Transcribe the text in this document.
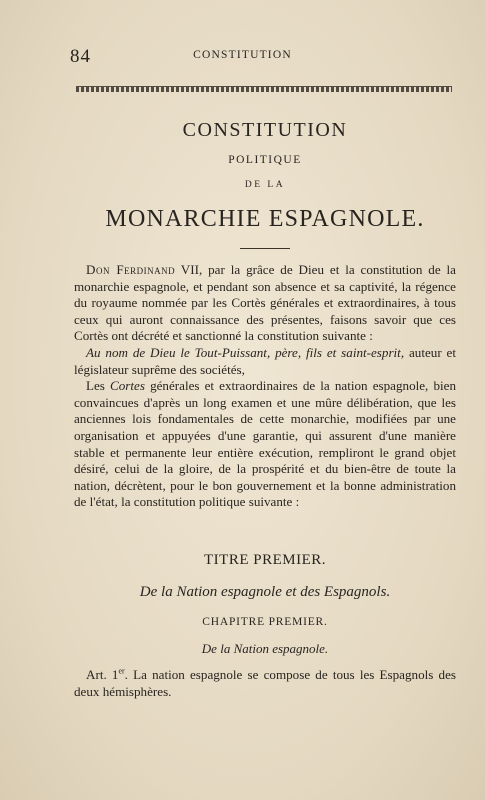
84	CONSTITUTION

CONSTITUTION

POLITIQUE

DE LA

MONARCHIE ESPAGNOLE.

Don Ferdinand VII, par la grâce de Dieu et la constitution de la monarchie espagnole, et pendant son absence et sa captivité, la régence du royaume nommée par les Cortès générales et extraordinaires, à tous ceux qui auront connaissance des présentes, faisons savoir que ces Cortès ont décrété et sanctionné la constitution suivante :

Au nom de Dieu le Tout-Puissant, père, fils et saint-esprit, auteur et législateur suprême des sociétés,

Les Cortes générales et extraordinaires de la nation espagnole, bien convaincues d'après un long examen et une mûre délibération, que les anciennes lois fondamentales de cette monarchie, modifiées par une organisation et appuyées d'une garantie, qui assurent d'une manière stable et permanente leur entière exécution, rempliront le grand objet désiré, celui de la gloire, de la prospérité et du bien-être de toute la nation, décrètent, pour le bon gouvernement et la bonne administration de l'état, la constitution politique suivante :

TITRE PREMIER.

De la Nation espagnole et des Espagnols.

CHAPITRE PREMIER.

De la Nation espagnole.

Art. 1er. La nation espagnole se compose de tous les Espagnols des deux hémisphères.
